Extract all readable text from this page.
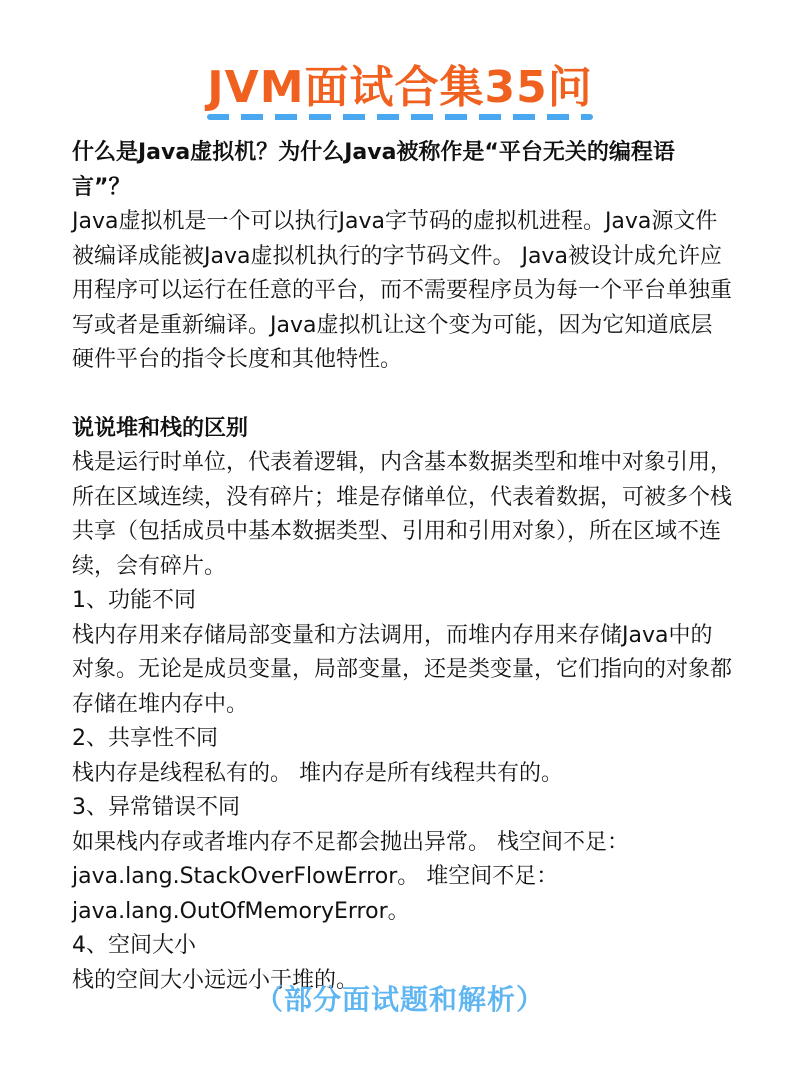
JVM面试合集35问

什么是Java虚拟机？为什么Java被称作是“平台无关的编程语言”？

Java虚拟机是一个可以执行Java字节码的虚拟机进程。Java源文件被编译成能被Java虚拟机执行的字节码文件。 Java被设计成允许应用程序可以运行在任意的平台，而不需要程序员为每一个平台单独重写或者是重新编译。Java虚拟机让这个变为可能，因为它知道底层硬件平台的指令长度和其他特性。

说说堆和栈的区别

栈是运行时单位，代表着逻辑，内含基本数据类型和堆中对象引用，所在区域连续，没有碎片；堆是存储单位，代表着数据，可被多个栈共享（包括成员中基本数据类型、引用和引用对象），所在区域不连续，会有碎片。

1、功能不同

栈内存用来存储局部变量和方法调用，而堆内存用来存储Java中的对象。无论是成员变量，局部变量，还是类变量，它们指向的对象都存储在堆内存中。

2、共享性不同

栈内存是线程私有的。 堆内存是所有线程共有的。

3、异常错误不同

如果栈内存或者堆内存不足都会抛出异常。 栈空间不足：java.lang.StackOverFlowError。 堆空间不足：java.lang.OutOfMemoryError。

4、空间大小

栈的空间大小远远小于堆的。

（部分面试题和解析）
